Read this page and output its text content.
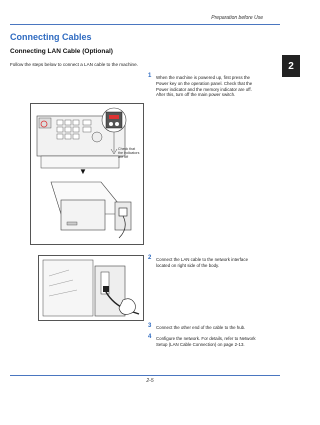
Preparation before Use
2
Connecting Cables
Connecting LAN Cable (Optional)
Follow the steps below to connect a LAN cable to the machine.
1	When the machine is powered up, first press the
Power key on the operation panel. Check that the
Power indicator and the memory indicator are off.
After this, turn off the main power switch.
Check that
the indicators
are off
▼
2	Connect the LAN cable to the network interface
located on right side of the body.
3	Connect the other end of the cable to the hub.
4	Configure the network. For details, refer to Network
Setup (LAN Cable Connection) on page 2-13.
2-5
